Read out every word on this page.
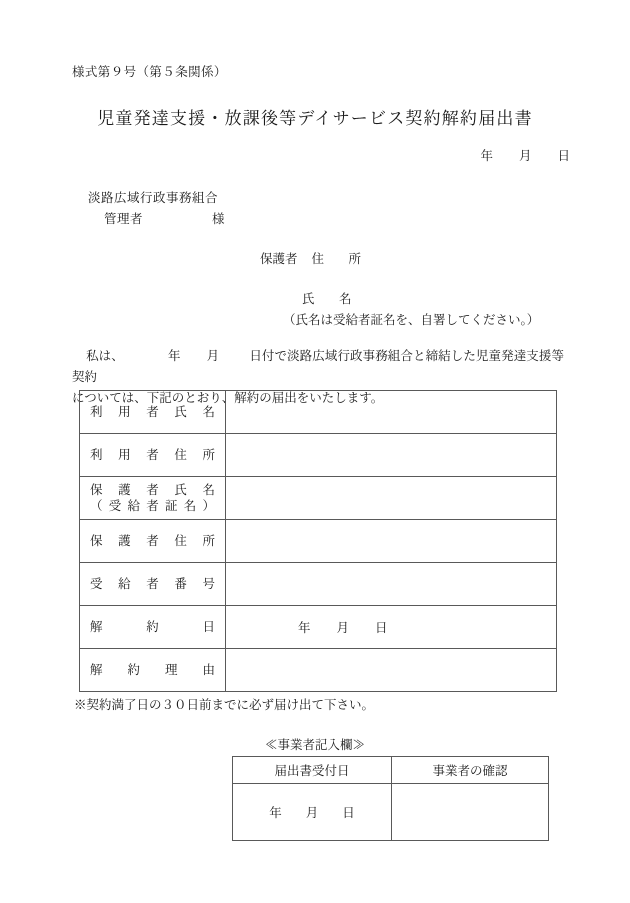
様式第９号（第５条関係）
児童発達支援・放課後等デイサービス契約解約届出書
年 月 日
淡路広域行政事務組合
管理者	様
保護者 住　所
氏　名
（氏名は受給者証名を、自署してください。）
私は、	年 月 日付で淡路広域行政事務組合と締結した児童発達支援等契約
については、下記のとおり、解約の届出をいたします。
利用者氏名	

利用者住所	

保護者氏名
（受給者証名）	

保護者住所	

受給者番号	

解約日	年 月 日

解約理由	

※契約満了日の３０日前までに必ず届け出て下さい。
≪事業者記入欄≫
届出書受付日	事業者の確認
年 月 日	
